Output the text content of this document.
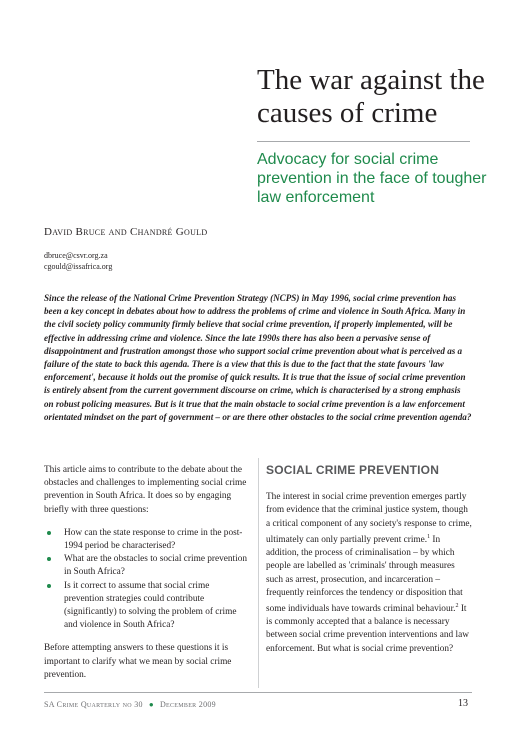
The war against the causes of crime
Advocacy for social crime prevention in the face of tougher law enforcement
David Bruce and Chandré Gould
dbruce@csvr.org.za
cgould@issafrica.org

Since the release of the National Crime Prevention Strategy (NCPS) in May 1996, social crime prevention has been a key concept in debates about how to address the problems of crime and violence in South Africa. Many in the civil society policy community firmly believe that social crime prevention, if properly implemented, will be effective in addressing crime and violence. Since the late 1990s there has also been a pervasive sense of disappointment and frustration amongst those who support social crime prevention about what is perceived as a failure of the state to back this agenda. There is a view that this is due to the fact that the state favours 'law enforcement', because it holds out the promise of quick results. It is true that the issue of social crime prevention is entirely absent from the current government discourse on crime, which is characterised by a strong emphasis on robust policing measures. But is it true that the main obstacle to social crime prevention is a law enforcement orientated mindset on the part of government – or are there other obstacles to the social crime prevention agenda?

This article aims to contribute to the debate about the obstacles and challenges to implementing social crime prevention in South Africa. It does so by engaging briefly with three questions:

How can the state response to crime in the post-1994 period be characterised?
What are the obstacles to social crime prevention in South Africa?
Is it correct to assume that social crime prevention strategies could contribute (significantly) to solving the problem of crime and violence in South Africa?

Before attempting answers to these questions it is important to clarify what we mean by social crime prevention.

SOCIAL CRIME PREVENTION

The interest in social crime prevention emerges partly from evidence that the criminal justice system, though a critical component of any society's response to crime, ultimately can only partially prevent crime.$^1$ In addition, the process of criminalisation – by which people are labelled as 'criminals' through measures such as arrest, prosecution, and incarceration – frequently reinforces the tendency or disposition that some individuals have towards criminal behaviour.$^2$ It is commonly accepted that a balance is necessary between social crime prevention interventions and law enforcement. But what is social crime prevention?

SA Crime Quarterly no 30 ● December 2009	13
